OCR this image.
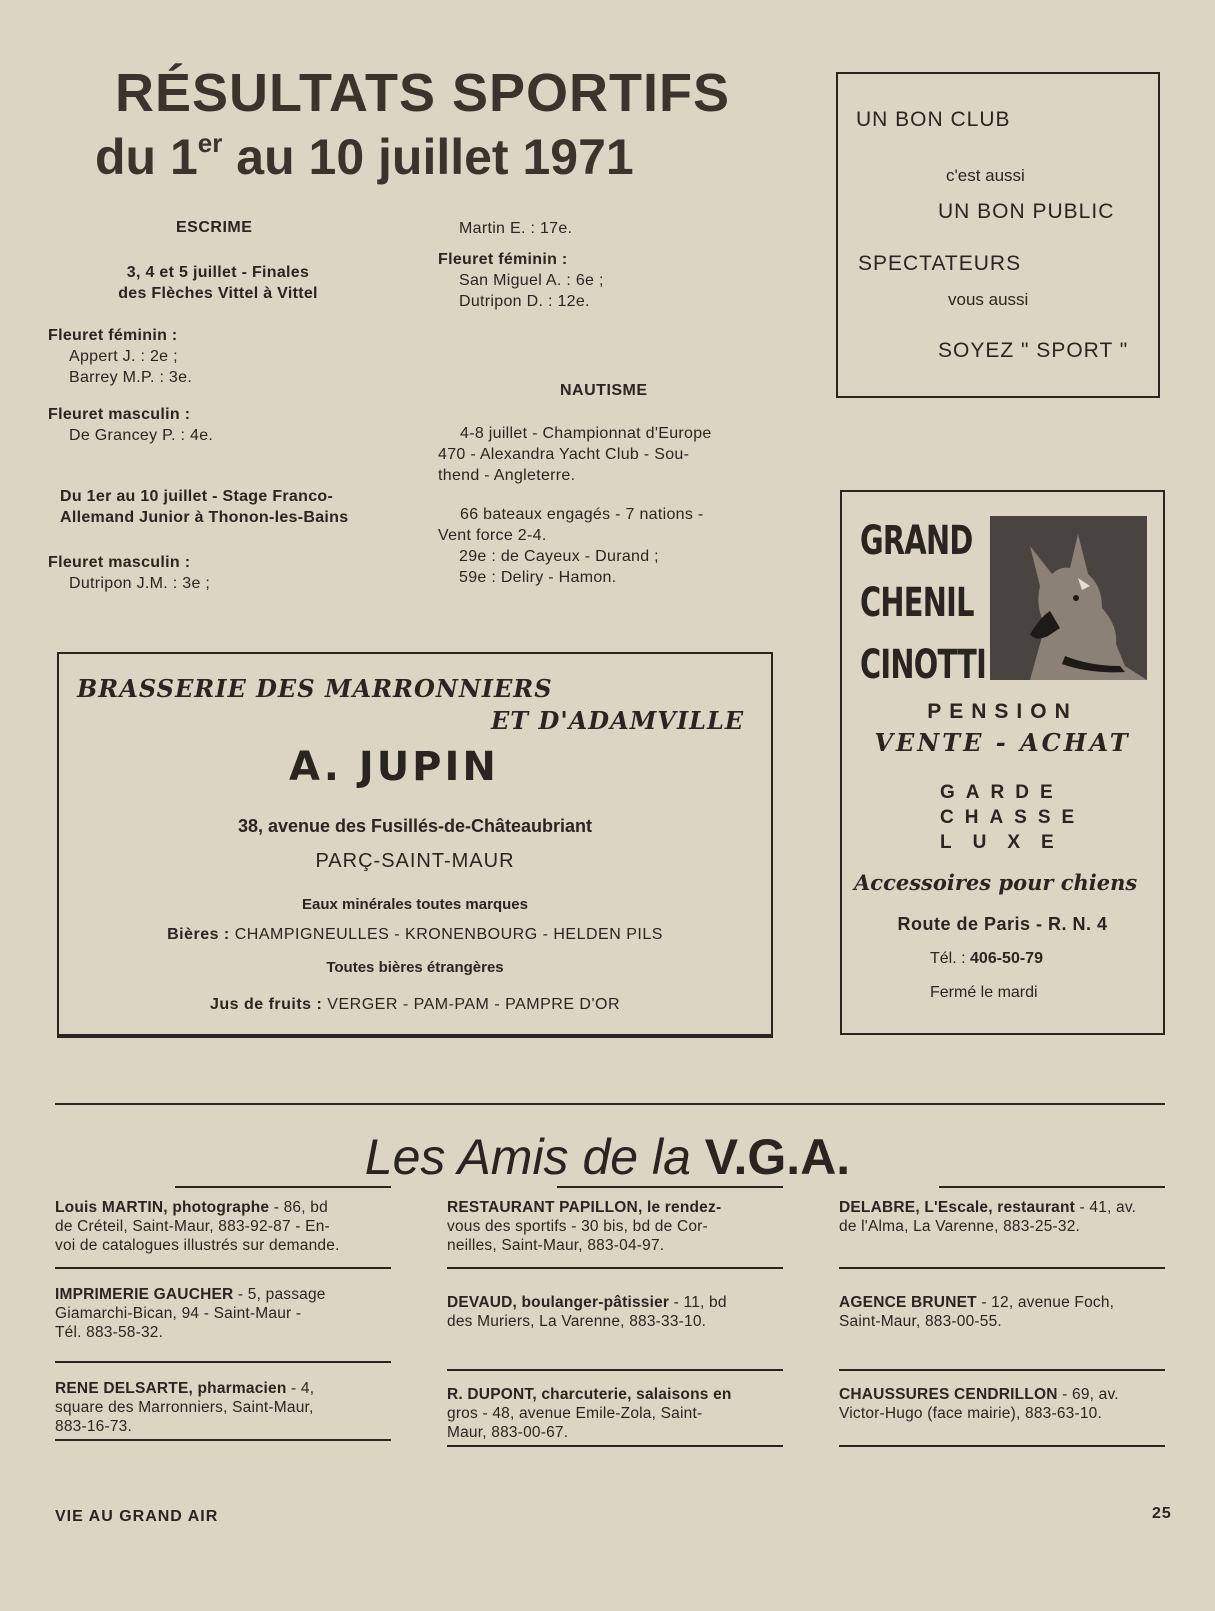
RÉSULTATS SPORTIFS
du 1er au 10 juillet 1971
ESCRIME
3, 4 et 5 juillet - Finales
des Flèches Vittel à Vittel
Fleuret féminin :
Appert J. : 2e ;
Barrey M.P. : 3e.
Fleuret masculin :
De Grancey P. : 4e.
Du 1er au 10 juillet - Stage Franco-
Allemand Junior à Thonon-les-Bains
Fleuret masculin :
Dutripon J.M. : 3e ;
Martin E. : 17e.
Fleuret féminin :
San Miguel A. : 6e ;
Dutripon D. : 12e.
NAUTISME
4-8 juillet - Championnat d'Europe
470 - Alexandra Yacht Club - Sou-
thend - Angleterre.
66 bateaux engagés - 7 nations -
Vent force 2-4.
29e : de Cayeux - Durand ;
59e : Deliry - Hamon.
UN BON CLUB
c'est aussi
UN BON PUBLIC
SPECTATEURS
vous aussi
SOYEZ " SPORT "
BRASSERIE DES MARRONNIERS
ET D'ADAMVILLE
A. JUPIN
38, avenue des Fusillés-de-Châteaubriant
PARÇ-SAINT-MAUR
Eaux minérales toutes marques
Bières : CHAMPIGNEULLES - KRONENBOURG - HELDEN PILS
Toutes bières étrangères
Jus de fruits : VERGER - PAM-PAM - PAMPRE D'OR
GRAND
CHENIL
CINOTTI
PENSION
VENTE - ACHAT
GARDE
CHASSE
LUXE
Accessoires pour chiens
Route de Paris - R. N. 4
Tél. : 406-50-79
Fermé le mardi
Les Amis de la V.G.A.
Louis MARTIN, photographe - 86, bd
de Créteil, Saint-Maur, 883-92-87 - En-
voi de catalogues illustrés sur demande.
IMPRIMERIE GAUCHER - 5, passage
Giamarchi-Bican, 94 - Saint-Maur -
Tél. 883-58-32.
RENE DELSARTE, pharmacien - 4,
square des Marronniers, Saint-Maur,
883-16-73.
RESTAURANT PAPILLON, le rendez-
vous des sportifs - 30 bis, bd de Cor-
neilles, Saint-Maur, 883-04-97.
DEVAUD, boulanger-pâtissier - 11, bd
des Muriers, La Varenne, 883-33-10.
R. DUPONT, charcuterie, salaisons en
gros - 48, avenue Emile-Zola, Saint-
Maur, 883-00-67.
DELABRE, L'Escale, restaurant - 41, av.
de l'Alma, La Varenne, 883-25-32.
AGENCE BRUNET - 12, avenue Foch,
Saint-Maur, 883-00-55.
CHAUSSURES CENDRILLON - 69, av.
Victor-Hugo (face mairie), 883-63-10.
VIE AU GRAND AIR	25
